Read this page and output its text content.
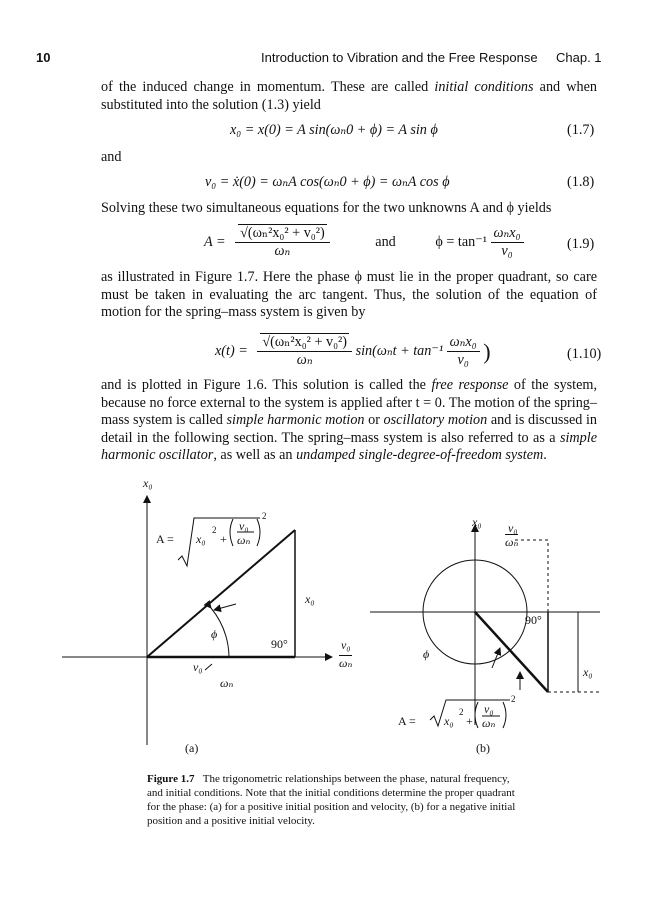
10	Introduction to Vibration and the Free Response Chap. 1
of the induced change in momentum. These are called initial conditions and when substituted into the solution (1.3) yield
x₀ = x(0) = A sin(ωₙ0 + ϕ) = A sin ϕ	(1.7)
and
v₀ = ẋ(0) = ωₙA cos(ωₙ0 + ϕ) = ωₙA cos ϕ	(1.8)
Solving these two simultaneous equations for the two unknowns A and ϕ yields
$A = \frac{\text{√(ωₙ²x₀² + v₀²)}}{\text{ωₙ}}$	and	$\phi = \tan^{-1} \frac{\text{ωₙx₀}}{\text{v₀}}$	(1.9)
as illustrated in Figure 1.7. Here the phase ϕ must lie in the proper quadrant, so care must be taken in evaluating the arc tangent. Thus, the solution of the equation of motion for the spring–mass system is given by
$x(t) = \frac{\text{√(ωₙ²x₀² + v₀²)}}{\text{ωₙ}} \sin(\omega_nt + \tan^{-1} \frac{\text{ωₙx₀}}{\text{v₀}}$ )	(1.10)
and is plotted in Figure 1.6. This solution is called the free response of the system, because no force external to the system is applied after t = 0. The motion of the spring–mass system is called simple harmonic motion or oscillatory motion and is discussed in detail in the following section. The spring–mass system is also referred to as a simple harmonic oscillator, as well as an undamped single-degree-of-freedom system.
x₀
A = x₀
2
+
v₀
ωₙ
2
x₀
ϕ
90°
v₀
ωₙ
v₀
ωₙ
(a)
x₀ v₀
ωₙ
90°
ϕ
x₀
A = x₀
2
+
v₀
ωₙ
2
(b)
Figure 1.7 The trigonometric relationships between the phase, natural frequency, and initial conditions. Note that the initial conditions determine the proper quadrant for the phase: (a) for a positive initial position and velocity, (b) for a negative initial position and a positive initial velocity.
